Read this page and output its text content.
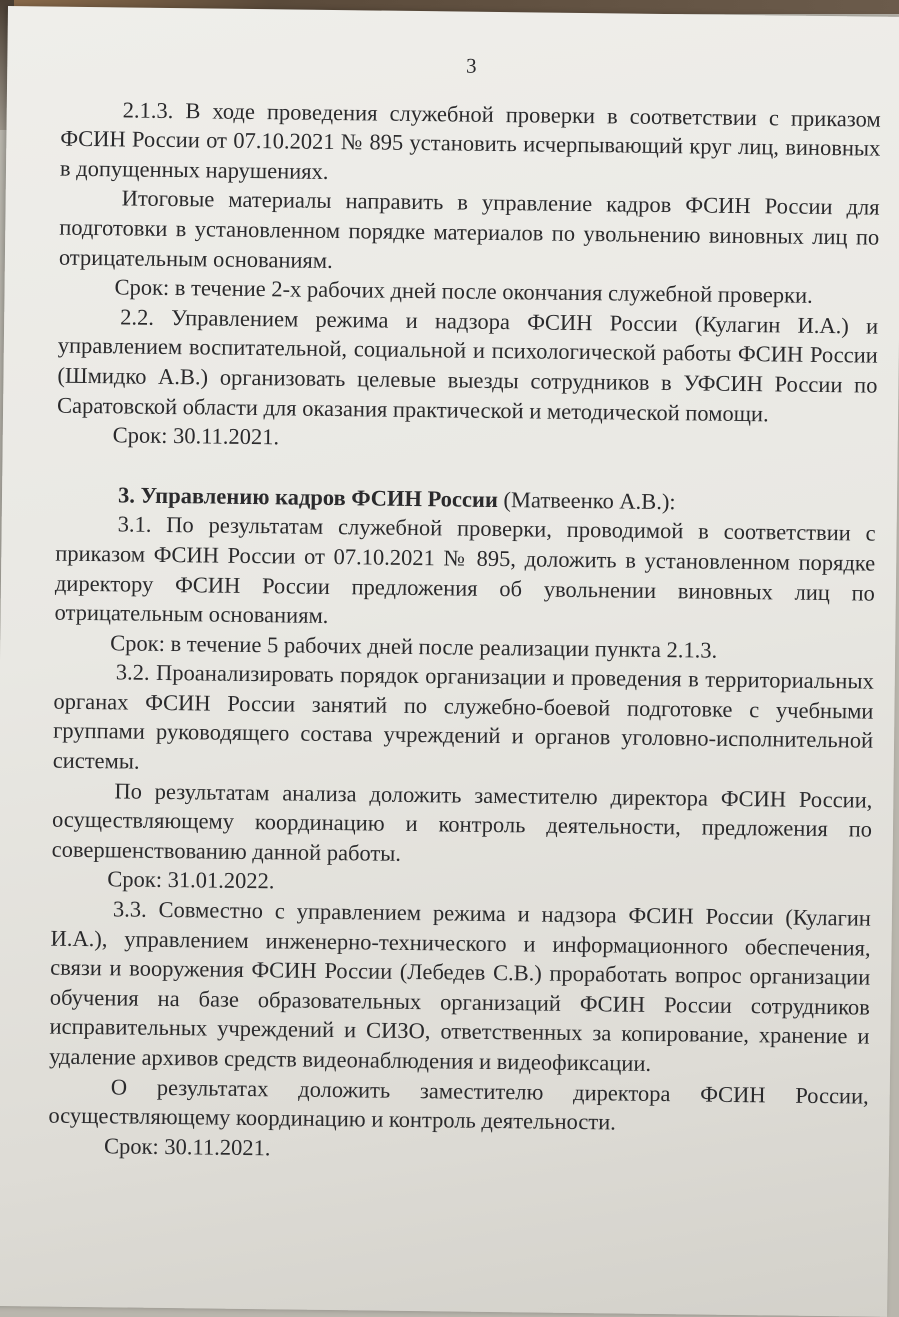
3

2.1.3. В ходе проведения служебной проверки в соответствии с приказом ФСИН России от 07.10.2021 № 895 установить исчерпывающий круг лиц, виновных в допущенных нарушениях.

Итоговые материалы направить в управление кадров ФСИН России для подготовки в установленном порядке материалов по увольнению виновных лиц по отрицательным основаниям.

Срок: в течение 2-х рабочих дней после окончания служебной проверки.

2.2. Управлением режима и надзора ФСИН России (Кулагин И.А.) и управлением воспитательной, социальной и психологической работы ФСИН России (Шмидко А.В.) организовать целевые выезды сотрудников в УФСИН России по Саратовской области для оказания практической и методической помощи.

Срок: 30.11.2021.

3. Управлению кадров ФСИН России (Матвеенко А.В.):

3.1. По результатам служебной проверки, проводимой в соответствии с приказом ФСИН России от 07.10.2021 № 895, доложить в установленном порядке директору ФСИН России предложения об увольнении виновных лиц по отрицательным основаниям.

Срок: в течение 5 рабочих дней после реализации пункта 2.1.3.

3.2. Проанализировать порядок организации и проведения в территориальных органах ФСИН России занятий по служебно-боевой подготовке с учебными группами руководящего состава учреждений и органов уголовно-исполнительной системы.

По результатам анализа доложить заместителю директора ФСИН России, осуществляющему координацию и контроль деятельности, предложения по совершенствованию данной работы.

Срок: 31.01.2022.

3.3. Совместно с управлением режима и надзора ФСИН России (Кулагин И.А.), управлением инженерно-технического и информационного обеспечения, связи и вооружения ФСИН России (Лебедев С.В.) проработать вопрос организации обучения на базе образовательных организаций ФСИН России сотрудников исправительных учреждений и СИЗО, ответственных за копирование, хранение и удаление архивов средств видеонаблюдения и видеофиксации.

О результатах доложить заместителю директора ФСИН России, осуществляющему координацию и контроль деятельности.

Срок: 30.11.2021.
